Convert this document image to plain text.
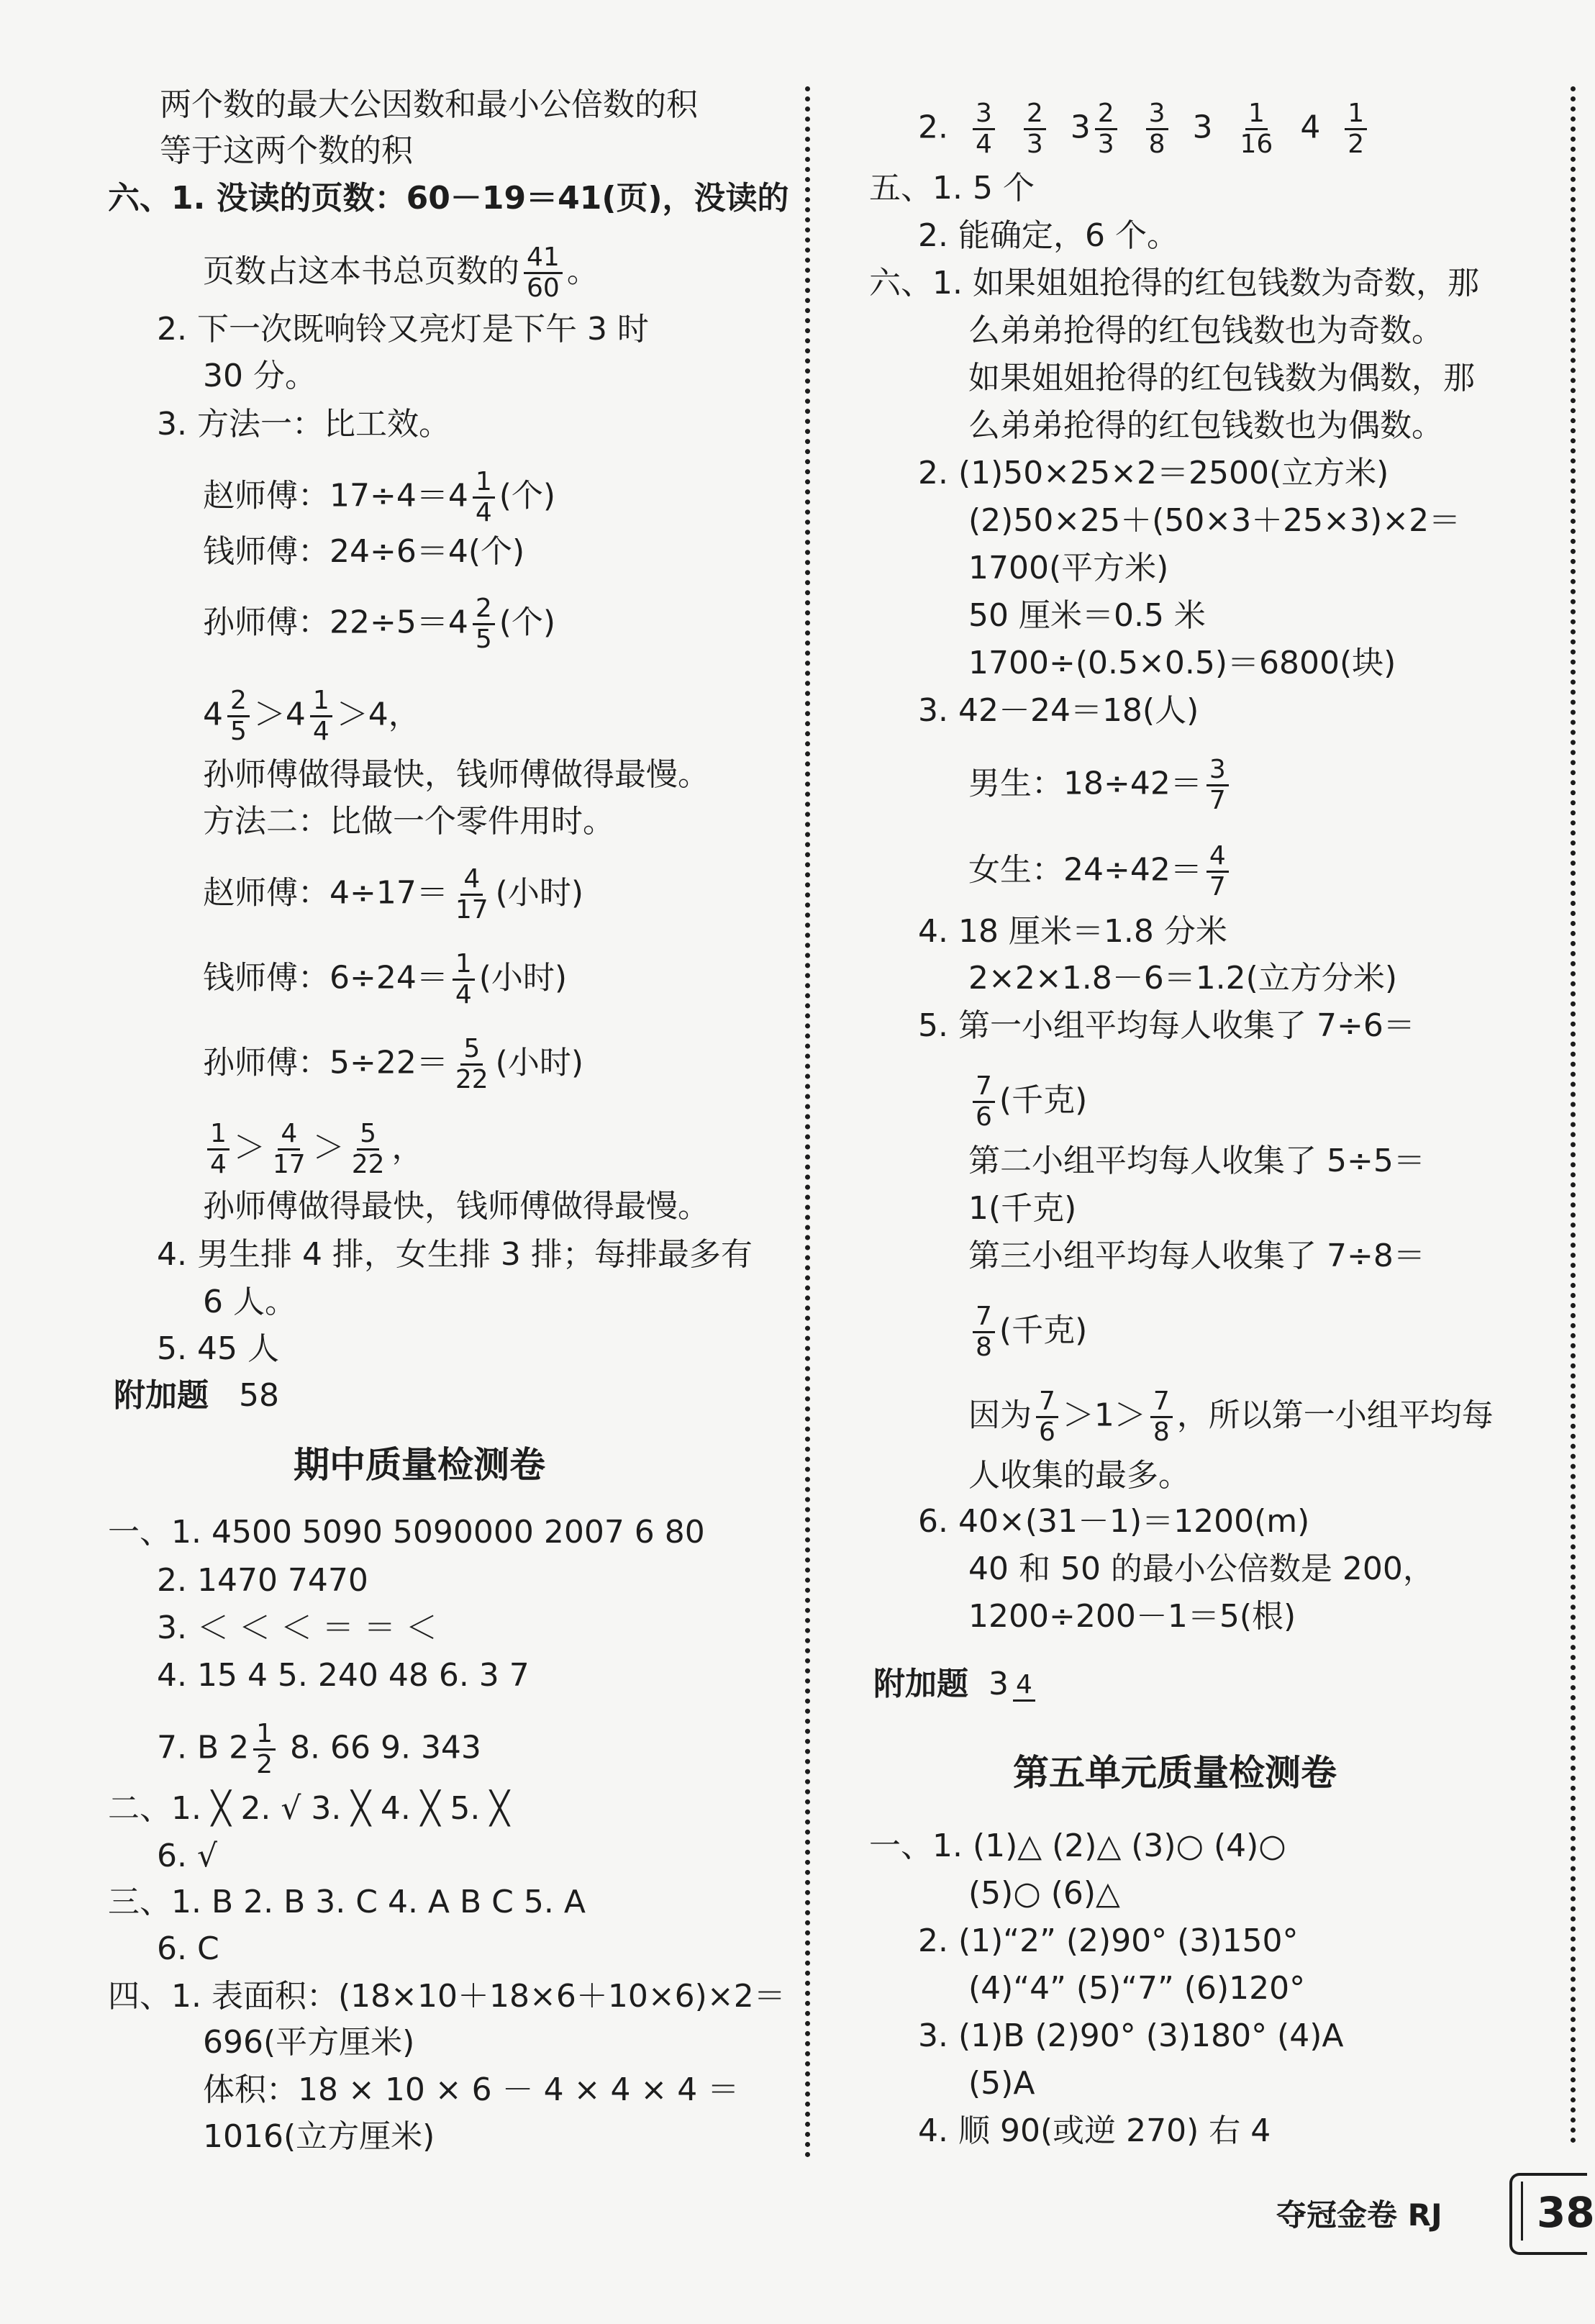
两个数的最大公因数和最小公倍数的积
等于这两个数的积
六、1. 没读的页数：60－19＝41(页)，没读的
页数占这本书总页数的 $\frac{41}{60}$ 。
2. 下一次既响铃又亮灯是下午 3 时
30 分。
3. 方法一：比工效。
赵师傅：$17\div 4=4 \frac{1}{4}$ (个)
钱师傅：24÷6＝4(个)
孙师傅：$22\div 5=4 \frac{2}{5}$ (个)
$4 \frac{2}{5} >4 \frac{1}{4} >4$，
孙师傅做得最快，钱师傅做得最慢。
方法二：比做一个零件用时。
赵师傅：$4\div 17= \frac{4}{17}$ (小时)
钱师傅：$6\div 24= \frac{1}{4}$ (小时)
孙师傅：$5\div 22= \frac{5}{22}$ (小时)
$\frac{1}{4} > \frac{4}{17} > \frac{5}{22}$ ，
孙师傅做得最快，钱师傅做得最慢。
4. 男生排 4 排，女生排 3 排；每排最多有
6 人。
5. 45 人
附加题 58
期中质量检测卷
一、1. 4500 5090 5090000 2007 6 80
2. 1470 7470
3. ＜ ＜ ＜ ＝ ＝ ＜
4. 15 4 5. 240 48 6. 3 7
7. B $2 \frac{1}{2} 8$. 66 9. 343
二、1. ╳ 2. √ 3. ╳ 4. ╳ 5. ╳
6. √
三、1. B 2. B 3. C 4. A B C 5. A
6. C
四、1. 表面积：(18×10＋18×6＋10×6)×2＝
696(平方厘米)
体积：18 × 10 × 6 － 4 × 4 × 4 ＝
1016(立方厘米)
2. $\frac{3}{4}$
$\frac{2}{3} 3 \frac{2}{3}$
$\frac{3}{8} 3 \frac{1}{16} 4 \frac{1}{2}$
五、1. 5 个
2. 能确定，6 个。
六、1. 如果姐姐抢得的红包钱数为奇数，那
么弟弟抢得的红包钱数也为奇数。
如果姐姐抢得的红包钱数为偶数，那
么弟弟抢得的红包钱数也为偶数。
2. (1)50×25×2＝2500(立方米)
(2)50×25＋(50×3＋25×3)×2＝
1700(平方米)
50 厘米＝0.5 米
1700÷(0.5×0.5)＝6800(块)
3. 42－24＝18(人)
男生：$18\div 42= \frac{3}{7}$
女生：$24\div 42= \frac{4}{7}$
4. 18 厘米＝1.8 分米
2×2×1.8－6＝1.2(立方分米)
5. 第一小组平均每人收集了 7÷6＝
$\frac{7}{6}$ (千克)
第二小组平均每人收集了 5÷5＝
1(千克)
第三小组平均每人收集了 7÷8＝
$\frac{7}{8}$ (千克)
因为 $\frac{7}{6} >1> \frac{7}{8}$ ，所以第一小组平均每
人收集的最多。
6. 40×(31－1)＝1200(m)
40 和 50 的最小公倍数是 200，
1200÷200－1＝5(根)
附加题 3 4
第五单元质量检测卷
一、1. (1)△ (2)△ (3)○ (4)○
(5)○ (6)△
2. (1)“2” (2)90° (3)150°
(4)“4” (5)“7” (6)120°
3. (1)B (2)90° (3)180° (4)A
(5)A
4. 顺 90(或逆 270) 右 4
夺冠金卷 RJ 38
